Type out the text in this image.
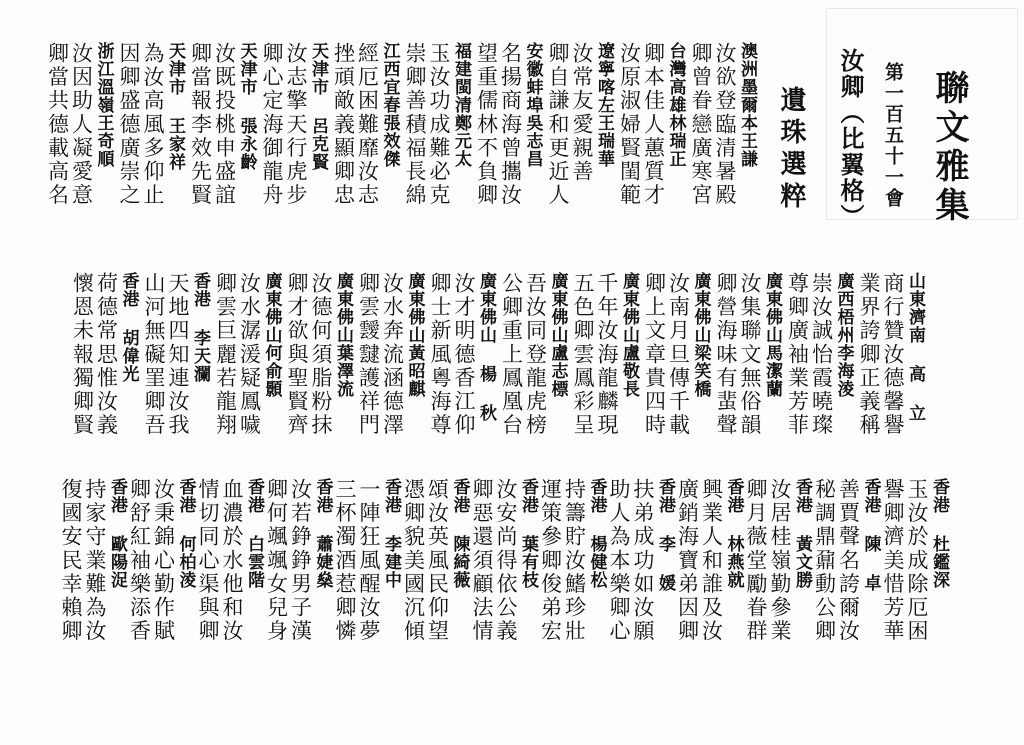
聯文雅集
第一百五十一會
汝卿（比翼格）
遺珠選粹
山東濟南 高 立
商行贊汝德馨譽
業界誇卿正義稱
廣西梧州李海淩
崇汝誠怡霞曉璨
尊卿廣袖業芳菲
廣東佛山馬潔蘭
汝集聯文無俗韻
卿營海味有蜚聲
廣東佛山梁笑橋
汝南月旦傳千載
卿上文章貴四時
廣東佛山盧敬長
千年汝海龍麟現
五色卿雲鳳彩呈
廣東佛山盧志標
吾汝同登龍虎榜
公卿重上鳳凰台
廣東佛山 楊 秋
汝才明德香江仰
卿士新風粵海尊
廣東佛山黃昭麒
汝水奔流涵德澤
卿雲靉靆護祥門
廣東佛山葉澤流
汝德何須脂粉抹
卿才欲與聖賢齊
廣東佛山何俞顥
汝水潺湲疑鳳噦
卿雲巨麗若龍翔
香港 李天瀾
天地四知連汝我
山河無礙罣卿吾
香港 胡偉光
荷德常思惟汝義
懷恩未報獨卿賢
澳洲墨爾本王謙
汝欲登臨清暑殿
卿曾眷戀廣寒宮
台灣高雄林瑞正
卿本佳人蕙質才
汝原淑婦賢閨範
遼寧喀左王瑞華
汝常友愛親善
卿自謙和更近人
安徽蚌埠吳志昌
名揚商海曾攜汝
望重儒林不負卿
福建閩清鄭元太
玉汝功成難必克
崇卿善積福長綿
江西宜春張效傑
經厄困難靡汝志
挫頑敵義顯卿忠
天津市 呂克賢
汝志擎天行虎步
卿心定海御龍舟
天津市 張永齡
汝既投桃申盛誼
卿當報李效先賢
天津市 王家祥
為汝高風多仰止
因卿盛德廣崇之
浙江溫嶺王奇順
汝因助人凝愛意
卿當共德載高名
香港 杜鑑深
玉汝於成除厄困
譽卿濟美惜芳華
香港 陳 卓
善賈聲名誇爾汝
秘調鼎鼐動公卿
香港 黃文勝
汝居桂嶺勤參業
卿月薇堂勵眷群
香港 林燕就
興業人和誰及汝
廣銷海寶弟因卿
香港 李 媛
扶弟成功如汝願
助人為本樂卿心
香港 楊健松
持籌貯汝鰭珍壯
運策參卿俊弟宏
香港 葉有枝
汝安尚得依公義
卿惡還須顧法情
香港 陳綺薇
頌汝英風民仰望
憑卿貌美國沉傾
香港 李建中
一陣狂風醒汝夢
三杯濁酒惹卿憐
香港 蕭婕燊
汝若錚錚男子漢
卿何颯颯女兒身
香港 白雲階
血濃於水他和汝
情切同心渠與卿
香港 何柏淩
汝秉錦心勤作賦
卿舒紅袖樂添香
香港 歐陽浞
持家守業難為汝
復國安民幸賴卿
